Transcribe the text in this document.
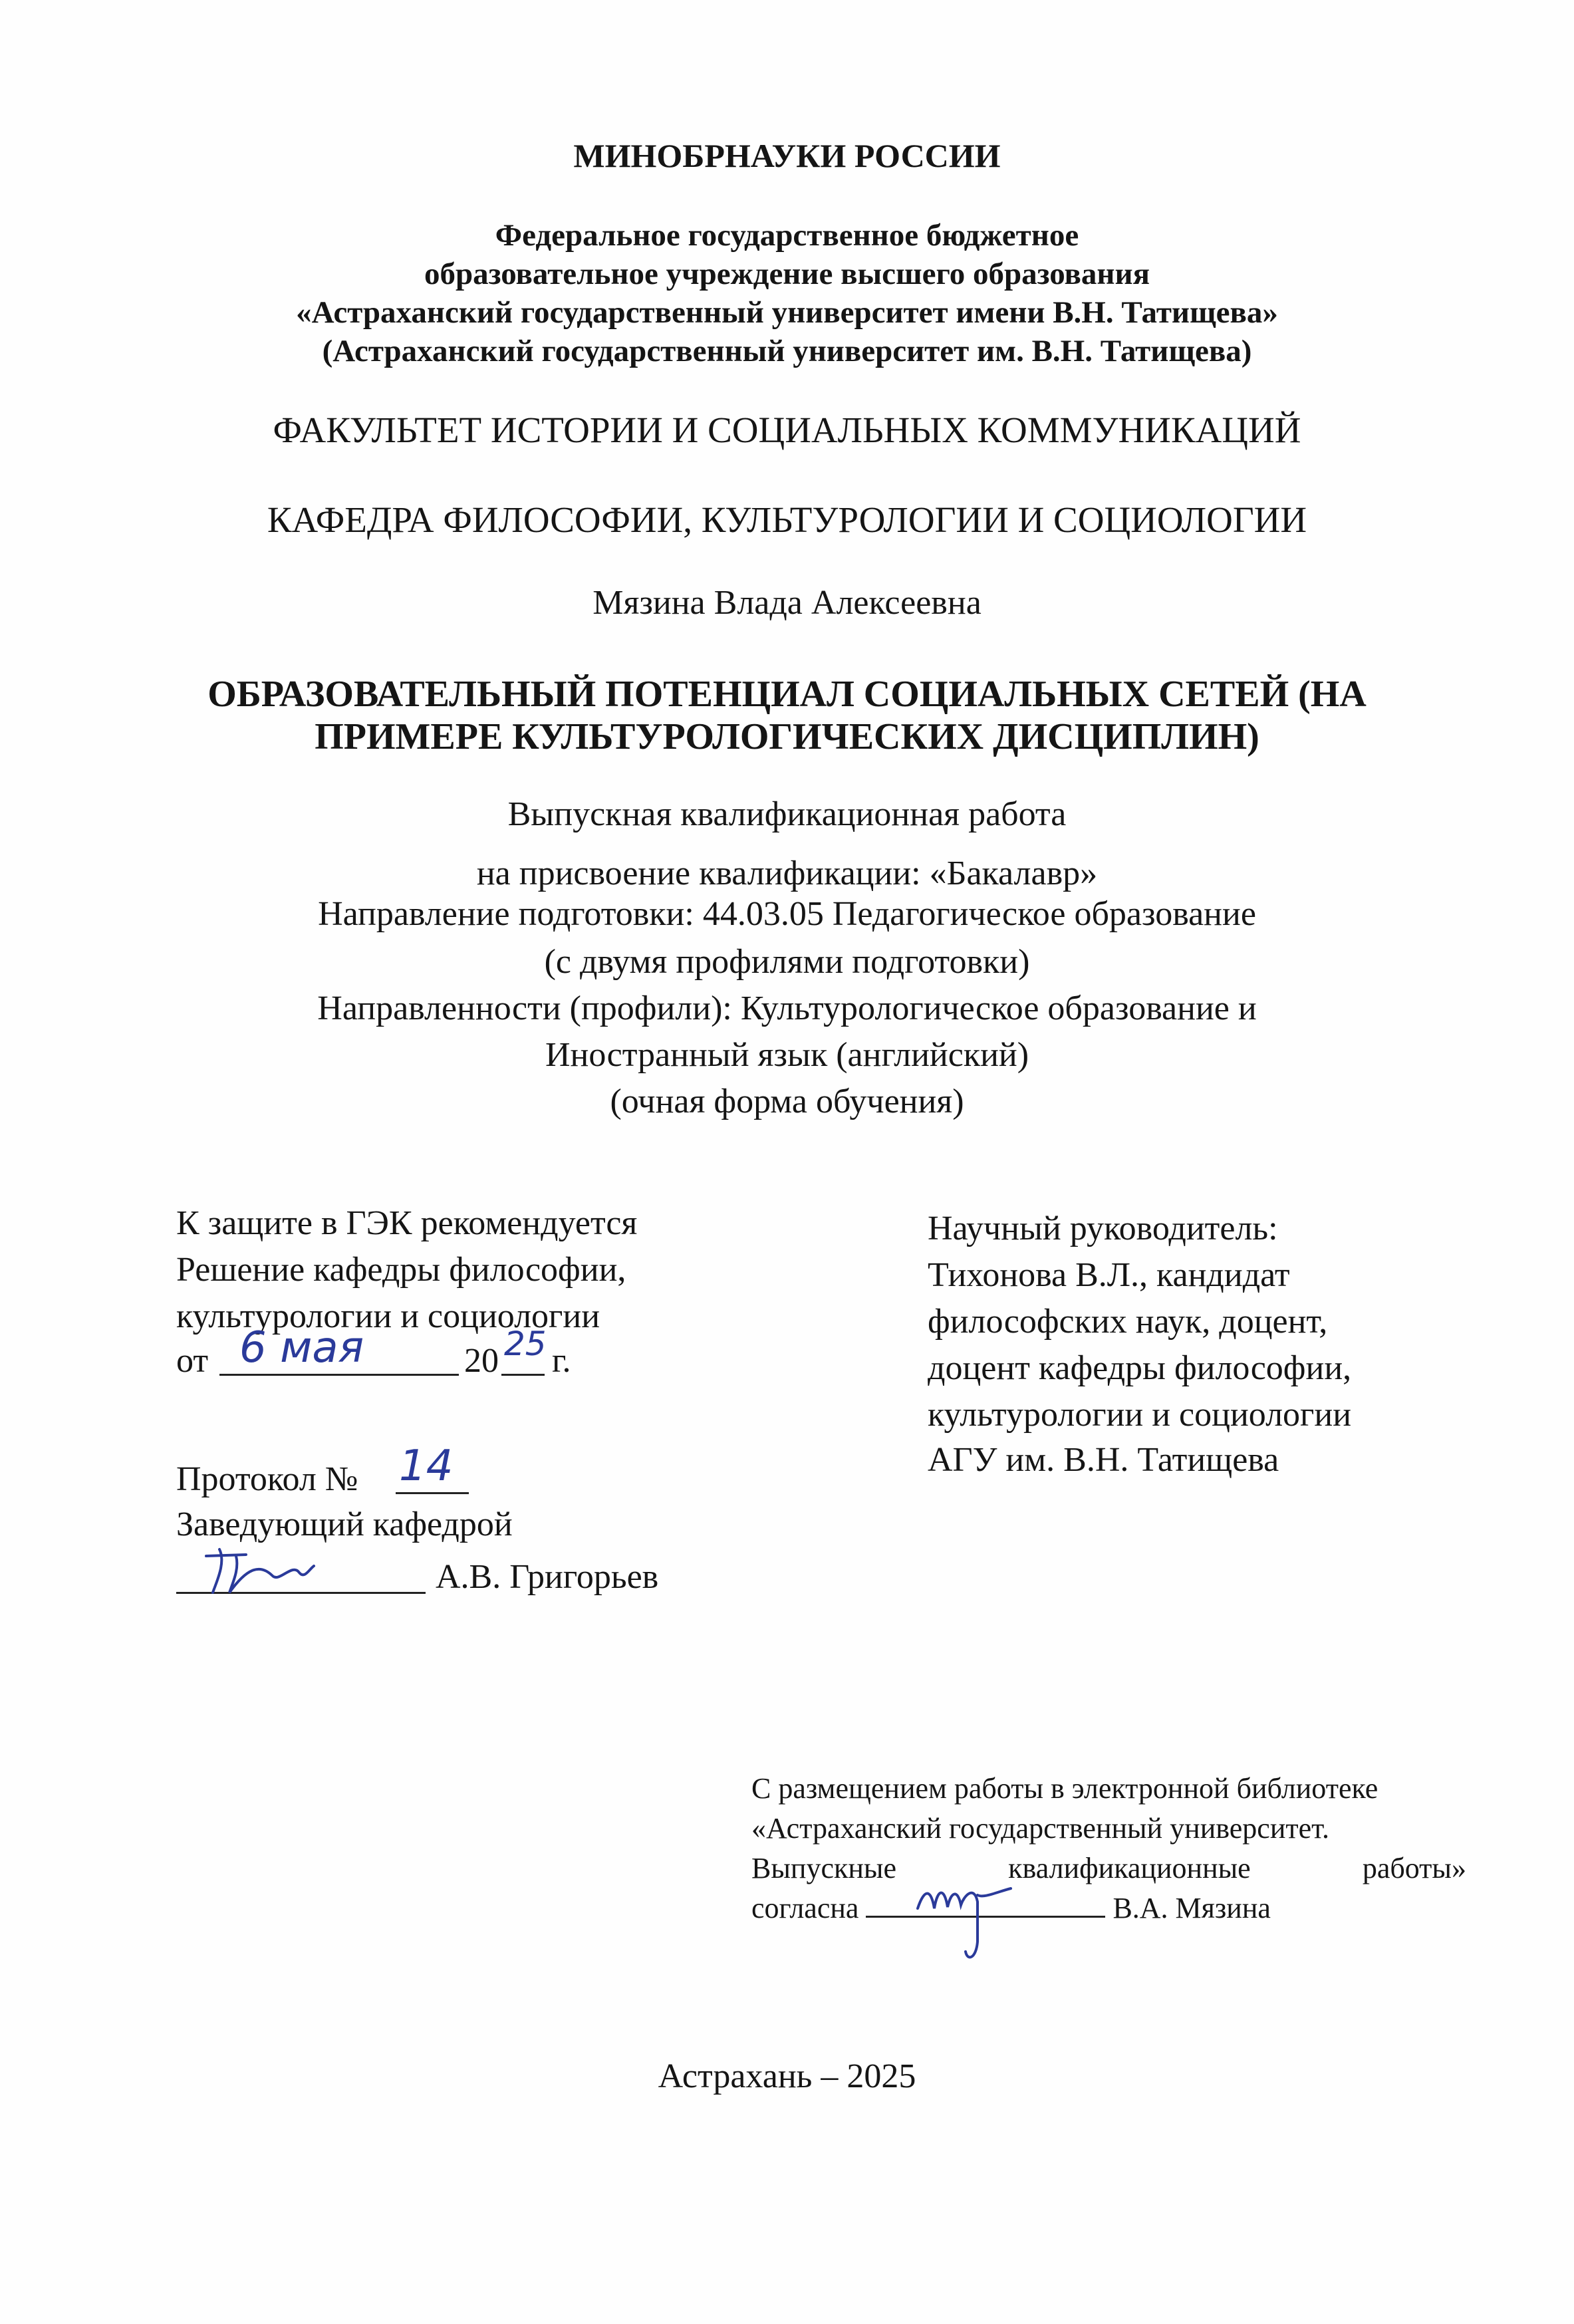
МИНОБРНАУКИ РОССИИ
Федеральное государственное бюджетное
образовательное учреждение высшего образования
«Астраханский государственный университет имени В.Н. Татищева»
(Астраханский государственный университет им. В.Н. Татищева)
ФАКУЛЬТЕТ ИСТОРИИ И СОЦИАЛЬНЫХ КОММУНИКАЦИЙ
КАФЕДРА ФИЛОСОФИИ, КУЛЬТУРОЛОГИИ И СОЦИОЛОГИИ
Мязина Влада Алексеевна
ОБРАЗОВАТЕЛЬНЫЙ ПОТЕНЦИАЛ СОЦИАЛЬНЫХ СЕТЕЙ (НА
ПРИМЕРЕ КУЛЬТУРОЛОГИЧЕСКИХ ДИСЦИПЛИН)
Выпускная квалификационная работа
на присвоение квалификации: «Бакалавр»
Направление подготовки: 44.03.05 Педагогическое образование
(с двумя профилями подготовки)
Направленности (профили): Культурологическое образование и
Иностранный язык (английский)
(очная форма обучения)
К защите в ГЭК рекомендуется
Решение кафедры философии,
культурологии и социологии
от 6 мая	20 25 г.
Протокол № 14
Заведующий кафедрой
А.В. Григорьев
Научный руководитель:
Тихонова В.Л., кандидат
философских наук, доцент,
доцент кафедры философии,
культурологии и социологии
АГУ им. В.Н. Татищева
С размещением работы в электронной библиотеке
«Астраханский государственный университет.
Выпускные	квалификационные	работы»
согласна	В.А. Мязина
Астрахань – 2025
